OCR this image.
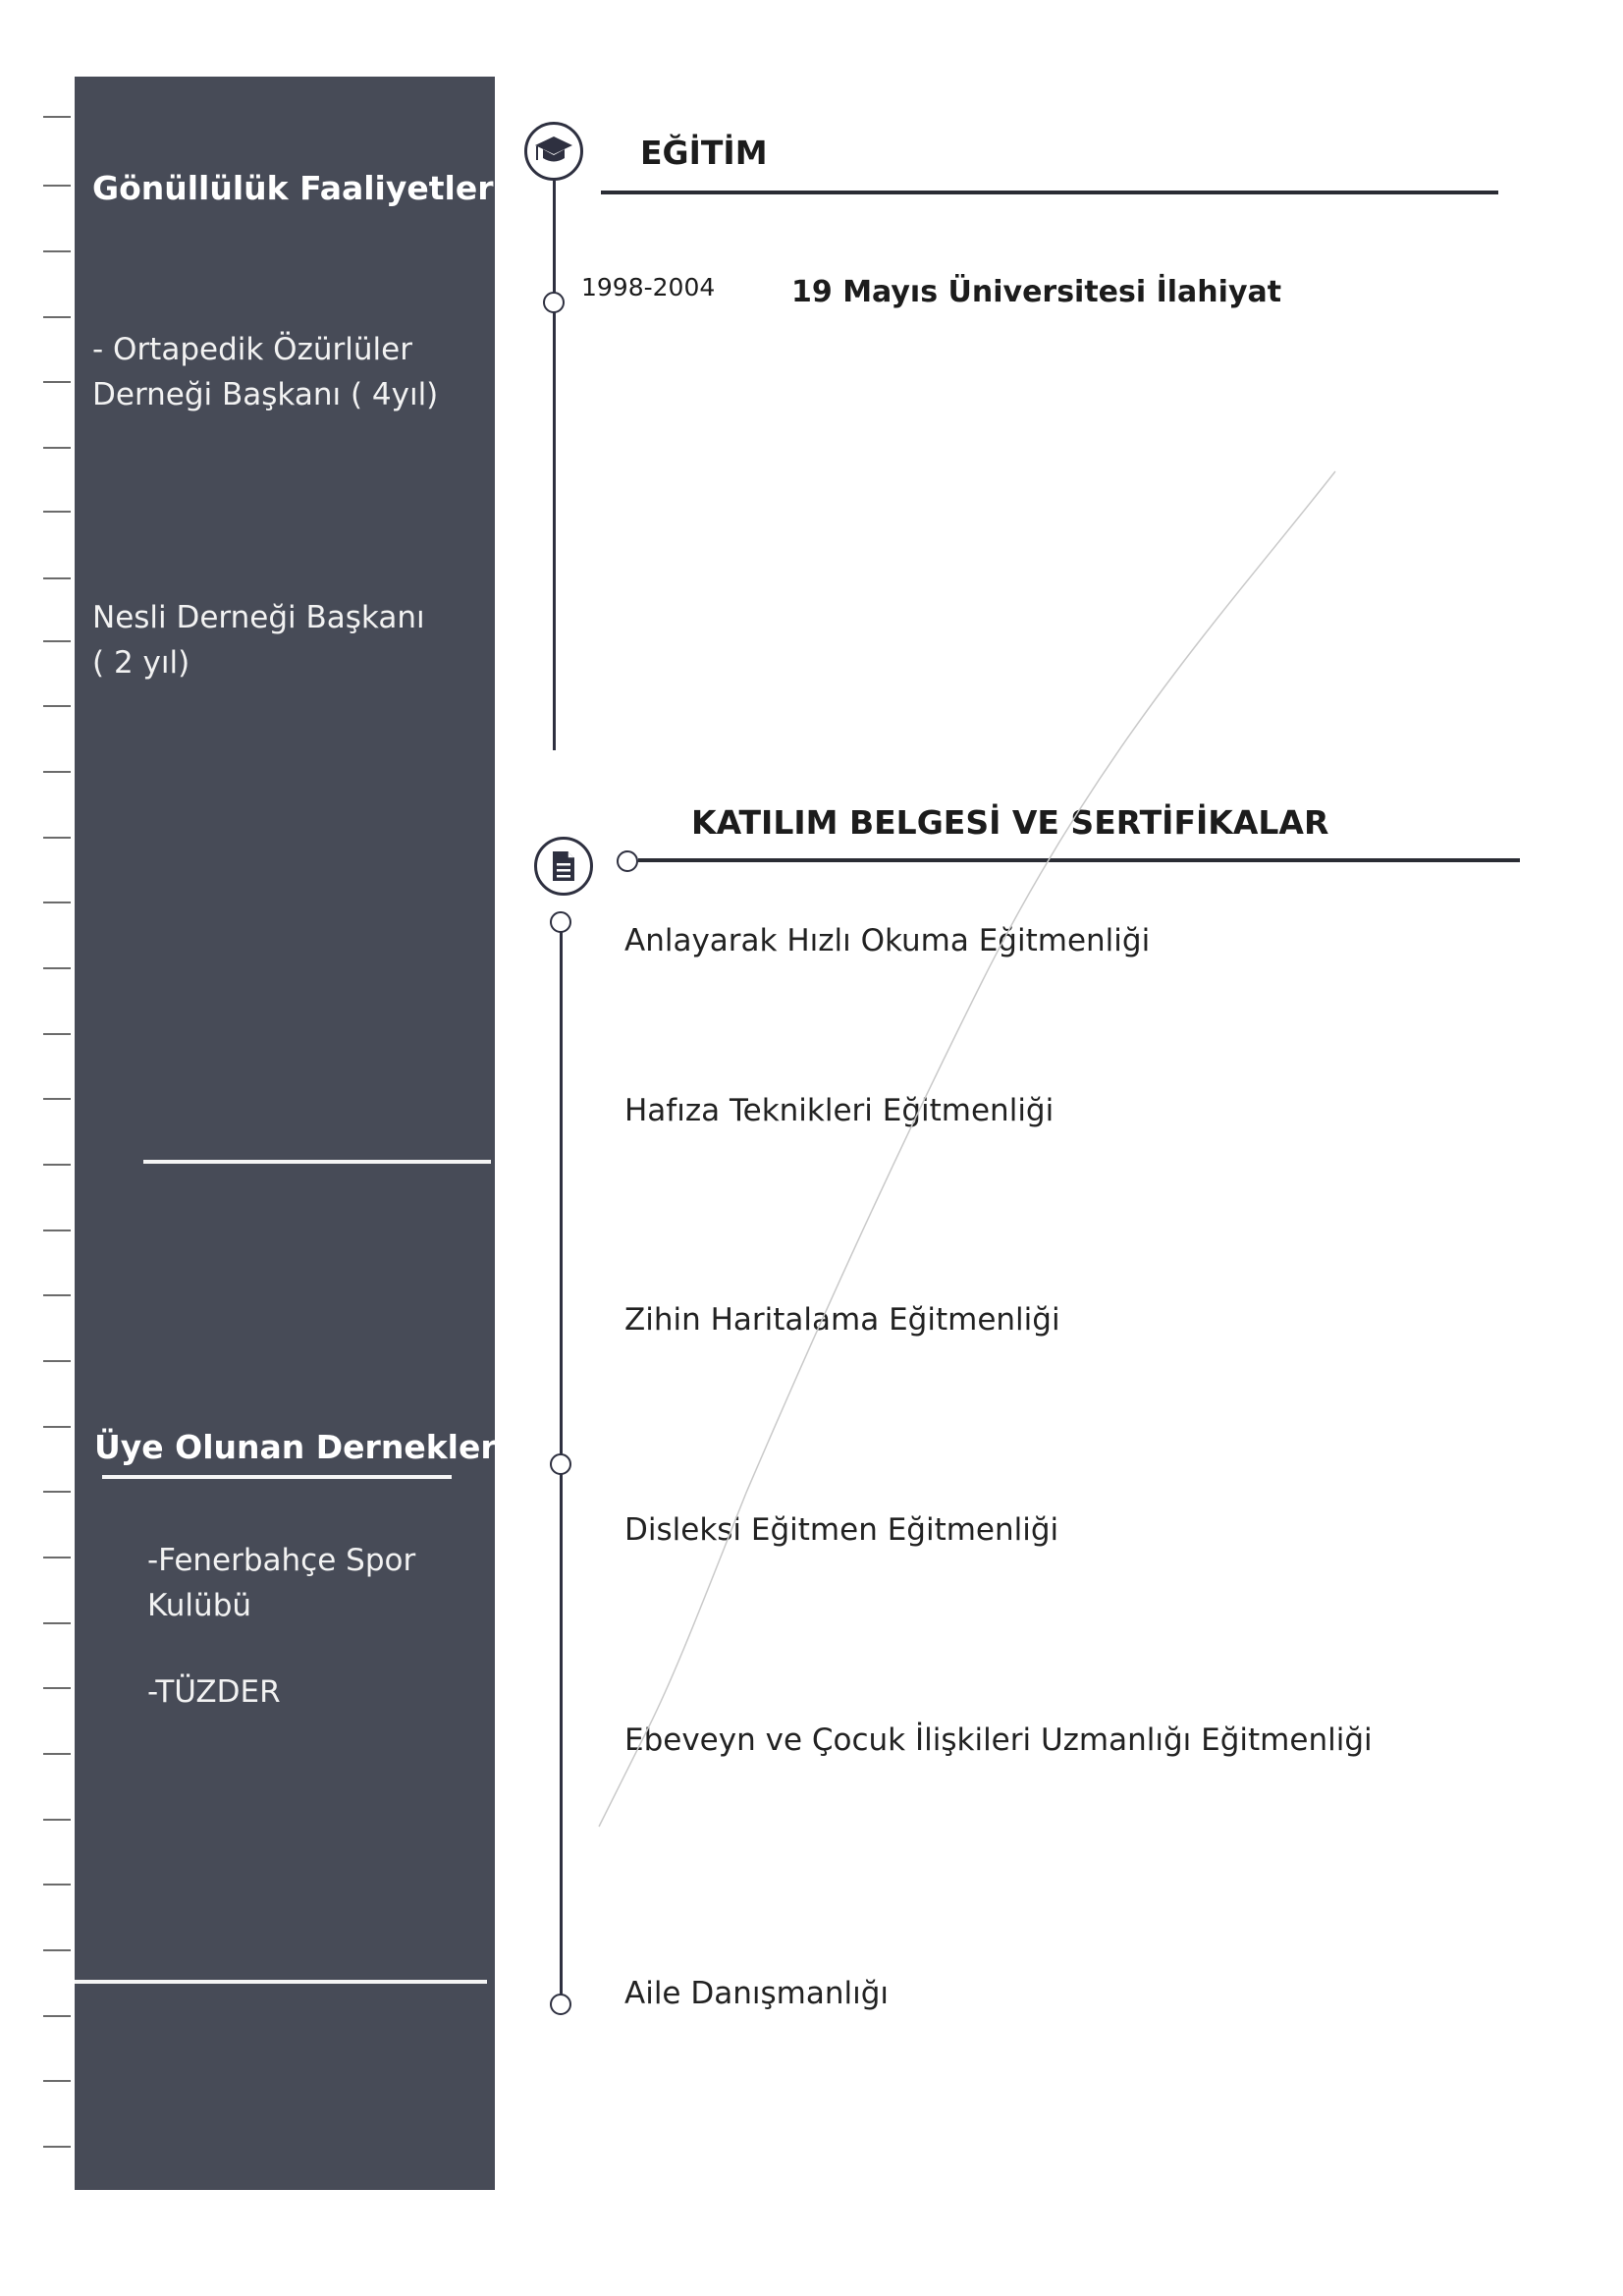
Gönüllülük Faaliyetleri
- Ortapedik Özürlüler
Derneği Başkanı ( 4yıl)
Nesli Derneği Başkanı
( 2 yıl)
Üye Olunan Dernekler
-Fenerbahçe Spor
Kulübü
-TÜZDER
EĞİTİM
1998-2004	19 Mayıs Üniversitesi İlahiyat
KATILIM BELGESİ VE SERTİFİKALAR
Anlayarak Hızlı Okuma Eğitmenliği
Hafıza Teknikleri Eğitmenliği
Zihin Haritalama Eğitmenliği
Disleksi Eğitmen Eğitmenliği
Ebeveyn ve Çocuk İlişkileri Uzmanlığı Eğitmenliği
Aile Danışmanlığı
